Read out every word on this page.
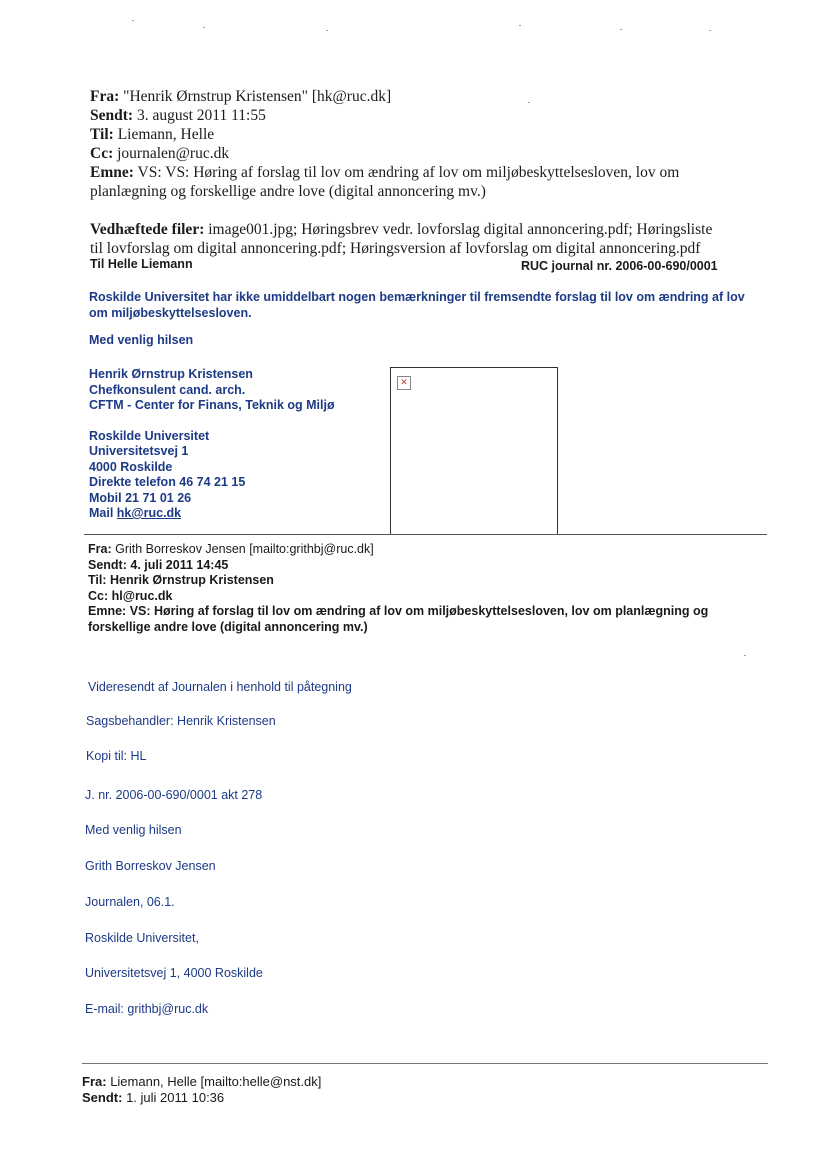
Fra: "Henrik Ørnstrup Kristensen" [hk@ruc.dk]
Sendt: 3. august 2011 11:55
Til: Liemann, Helle
Cc: journalen@ruc.dk
Emne: VS: VS: Høring af forslag til lov om ændring af lov om miljøbeskyttelsesloven, lov om
planlægning og forskellige andre love (digital annoncering mv.)
Vedhæftede filer: image001.jpg; Høringsbrev vedr. lovforslag digital annoncering.pdf; Høringsliste
til lovforslag om digital annoncering.pdf; Høringsversion af lovforslag om digital annoncering.pdf
Til Helle Liemann	RUC journal nr. 2006-00-690/0001
Roskilde Universitet har ikke umiddelbart nogen bemærkninger til fremsendte forslag til lov om ændring af lov
om miljøbeskyttelsesloven.
Med venlig hilsen
Henrik Ørnstrup Kristensen
Chefkonsulent cand. arch.
CFTM - Center for Finans, Teknik og Miljø
Roskilde Universitet
Universitetsvej 1
4000 Roskilde
Direkte telefon 46 74 21 15
Mobil 21 71 01 26
Mail hk@ruc.dk
✕
Fra: Grith Borreskov Jensen [mailto:grithbj@ruc.dk]
Sendt: 4. juli 2011 14:45
Til: Henrik Ørnstrup Kristensen
Cc: hl@ruc.dk
Emne: VS: Høring af forslag til lov om ændring af lov om miljøbeskyttelsesloven, lov om planlægning og
forskellige andre love (digital annoncering mv.)
Videresendt af Journalen i henhold til påtegning
Sagsbehandler: Henrik Kristensen
Kopi til: HL
J. nr. 2006-00-690/0001 akt 278
Med venlig hilsen
Grith Borreskov Jensen
Journalen, 06.1.
Roskilde Universitet,
Universitetsvej 1, 4000 Roskilde
E-mail: grithbj@ruc.dk
Fra: Liemann, Helle [mailto:helle@nst.dk]
Sendt: 1. juli 2011 10:36
